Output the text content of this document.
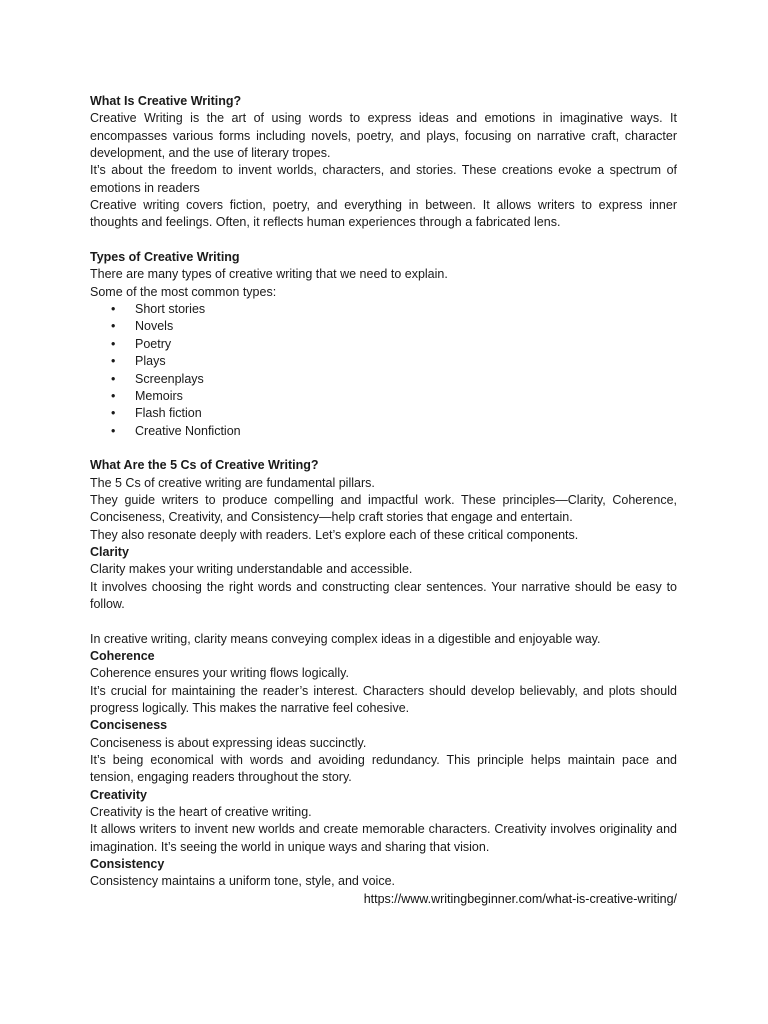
What Is Creative Writing?

Creative Writing is the art of using words to express ideas and emotions in imaginative ways. It encompasses various forms including novels, poetry, and plays, focusing on narrative craft, character development, and the use of literary tropes.

It’s about the freedom to invent worlds, characters, and stories. These creations evoke a spectrum of emotions in readers

Creative writing covers fiction, poetry, and everything in between. It allows writers to express inner thoughts and feelings. Often, it reflects human experiences through a fabricated lens.

Types of Creative Writing

There are many types of creative writing that we need to explain.

Some of the most common types:

• Short stories
• Novels
• Poetry
• Plays
• Screenplays
• Memoirs
• Flash fiction
• Creative Nonfiction
What Are the 5 Cs of Creative Writing?

The 5 Cs of creative writing are fundamental pillars.

They guide writers to produce compelling and impactful work. These principles—Clarity, Coherence, Conciseness, Creativity, and Consistency—help craft stories that engage and entertain.

They also resonate deeply with readers. Let’s explore each of these critical components.

Clarity

Clarity makes your writing understandable and accessible.

It involves choosing the right words and constructing clear sentences. Your narrative should be easy to follow.

In creative writing, clarity means conveying complex ideas in a digestible and enjoyable way.

Coherence

Coherence ensures your writing flows logically.

It’s crucial for maintaining the reader’s interest. Characters should develop believably, and plots should progress logically. This makes the narrative feel cohesive.

Conciseness

Conciseness is about expressing ideas succinctly.

It’s being economical with words and avoiding redundancy. This principle helps maintain pace and tension, engaging readers throughout the story.

Creativity

Creativity is the heart of creative writing.

It allows writers to invent new worlds and create memorable characters. Creativity involves originality and imagination. It’s seeing the world in unique ways and sharing that vision.

Consistency

Consistency maintains a uniform tone, style, and voice.

https://www.writingbeginner.com/what-is-creative-writing/
